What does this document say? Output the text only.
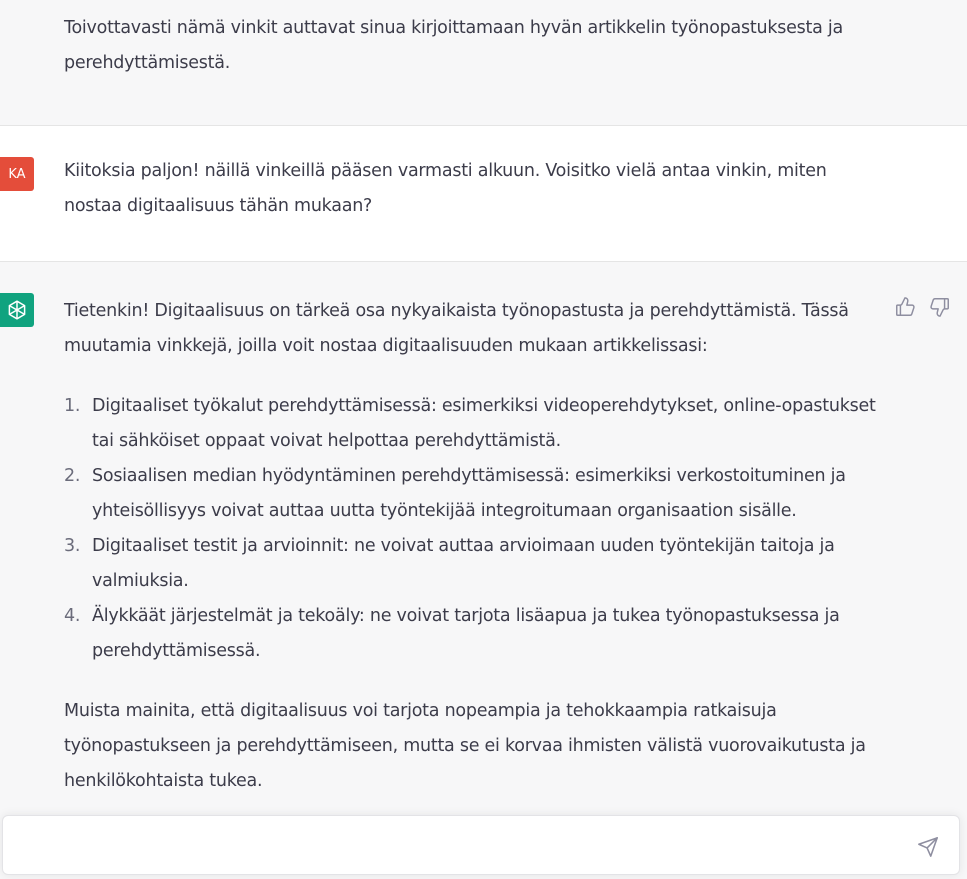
Toivottavasti nämä vinkit auttavat sinua kirjoittamaan hyvän artikkelin työnopastuksesta ja perehdyttämisestä.
KA	Kiitoksia paljon! näillä vinkeillä pääsen varmasti alkuun. Voisitko vielä antaa vinkin, miten nostaa digitaalisuus tähän mukaan?
Tietenkin! Digitaalisuus on tärkeä osa nykyaikaista työnopastusta ja perehdyttämistä. Tässä muutamia vinkkejä, joilla voit nostaa digitaalisuuden mukaan artikkelissasi:
1. Digitaaliset työkalut perehdyttämisessä: esimerkiksi videoperehdytykset, online-opastukset tai sähköiset oppaat voivat helpottaa perehdyttämistä.
2. Sosiaalisen median hyödyntäminen perehdyttämisessä: esimerkiksi verkostoituminen ja yhteisöllisyys voivat auttaa uutta työntekijää integroitumaan organisaation sisälle.
3. Digitaaliset testit ja arvioinnit: ne voivat auttaa arvioimaan uuden työntekijän taitoja ja valmiuksia.
4. Älykkäät järjestelmät ja tekoäly: ne voivat tarjota lisäapua ja tukea työnopastuksessa ja perehdyttämisessä.
Muista mainita, että digitaalisuus voi tarjota nopeampia ja tehokkaampia ratkaisuja työnopastukseen ja perehdyttämiseen, mutta se ei korvaa ihmisten välistä vuorovaikutusta ja henkilökohtaista tukea.
